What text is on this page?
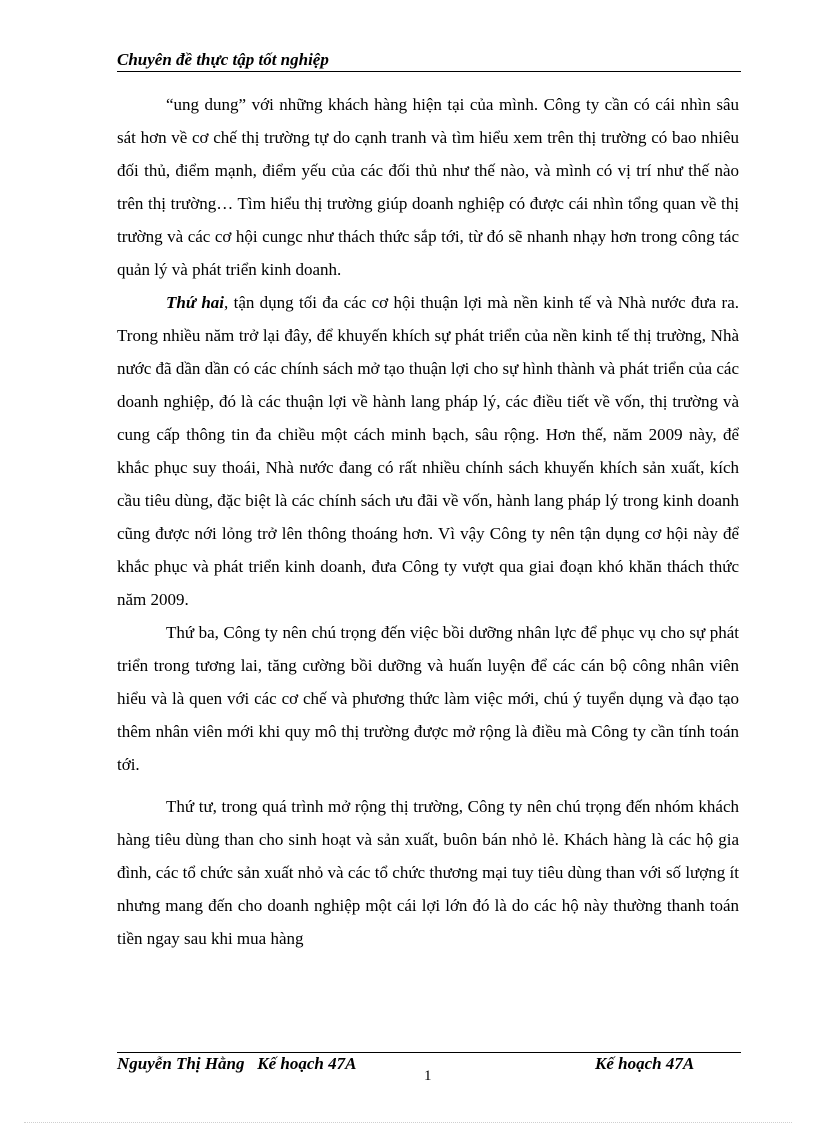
Chuyên đề thực tập tốt nghiệp

“ung dung” với những khách hàng hiện tại của mình. Công ty cần có cái nhìn sâu sát hơn về cơ chế thị trường tự do cạnh tranh và tìm hiểu xem trên thị trường có bao nhiêu đối thủ, điểm mạnh, điểm yếu của các đối thủ như thế nào, và mình có vị trí như thế nào trên thị trường… Tìm hiểu thị trường giúp doanh nghiệp có được cái nhìn tổng quan về thị trường và các cơ hội cungc như thách thức sắp tới, từ đó sẽ nhanh nhạy hơn trong công tác quản lý và phát triển kinh doanh.

Thứ hai, tận dụng tối đa các cơ hội thuận lợi mà nền kinh tế và Nhà nước đưa ra. Trong nhiều năm trở lại đây, để khuyến khích sự phát triển của nền kinh tế thị trường, Nhà nước đã dần dần có các chính sách mở tạo thuận lợi cho sự hình thành và phát triển của các doanh nghiệp, đó là các thuận lợi về hành lang pháp lý, các điều tiết về vốn, thị trường và cung cấp thông tin đa chiều một cách minh bạch, sâu rộng. Hơn thế, năm 2009 này, để khắc phục suy thoái, Nhà nước đang có rất nhiều chính sách khuyến khích sản xuất, kích cầu tiêu dùng, đặc biệt là các chính sách ưu đãi về vốn, hành lang pháp lý trong kinh doanh cũng được nới lỏng trở lên thông thoáng hơn. Vì vậy Công ty nên tận dụng cơ hội này để khắc phục và phát triển kinh doanh, đưa Công ty vượt qua giai đoạn khó khăn thách thức năm 2009.

Thứ ba, Công ty nên chú trọng đến việc bồi dưỡng nhân lực để phục vụ cho sự phát triển trong tương lai, tăng cường bồi dưỡng và huấn luyện để các cán bộ công nhân viên hiểu và là quen với các cơ chế và phương thức làm việc mới, chú ý tuyển dụng và đạo tạo thêm nhân viên mới khi quy mô thị trường được mở rộng là điều mà Công ty cần tính toán tới.

Thứ tư, trong quá trình mở rộng thị trường, Công ty nên chú trọng đến nhóm khách hàng tiêu dùng than cho sinh hoạt và sản xuất, buôn bán nhỏ lẻ. Khách hàng là các hộ gia đình, các tổ chức sản xuất nhỏ và các tổ chức thương mại tuy tiêu dùng than với số lượng ít nhưng mang đến cho doanh nghiệp một cái lợi lớn đó là do các hộ này thường thanh toán tiền ngay sau khi mua hàng

Nguyễn Thị Hằng   Kế hoạch 47A	Kế hoạch 47A
1
